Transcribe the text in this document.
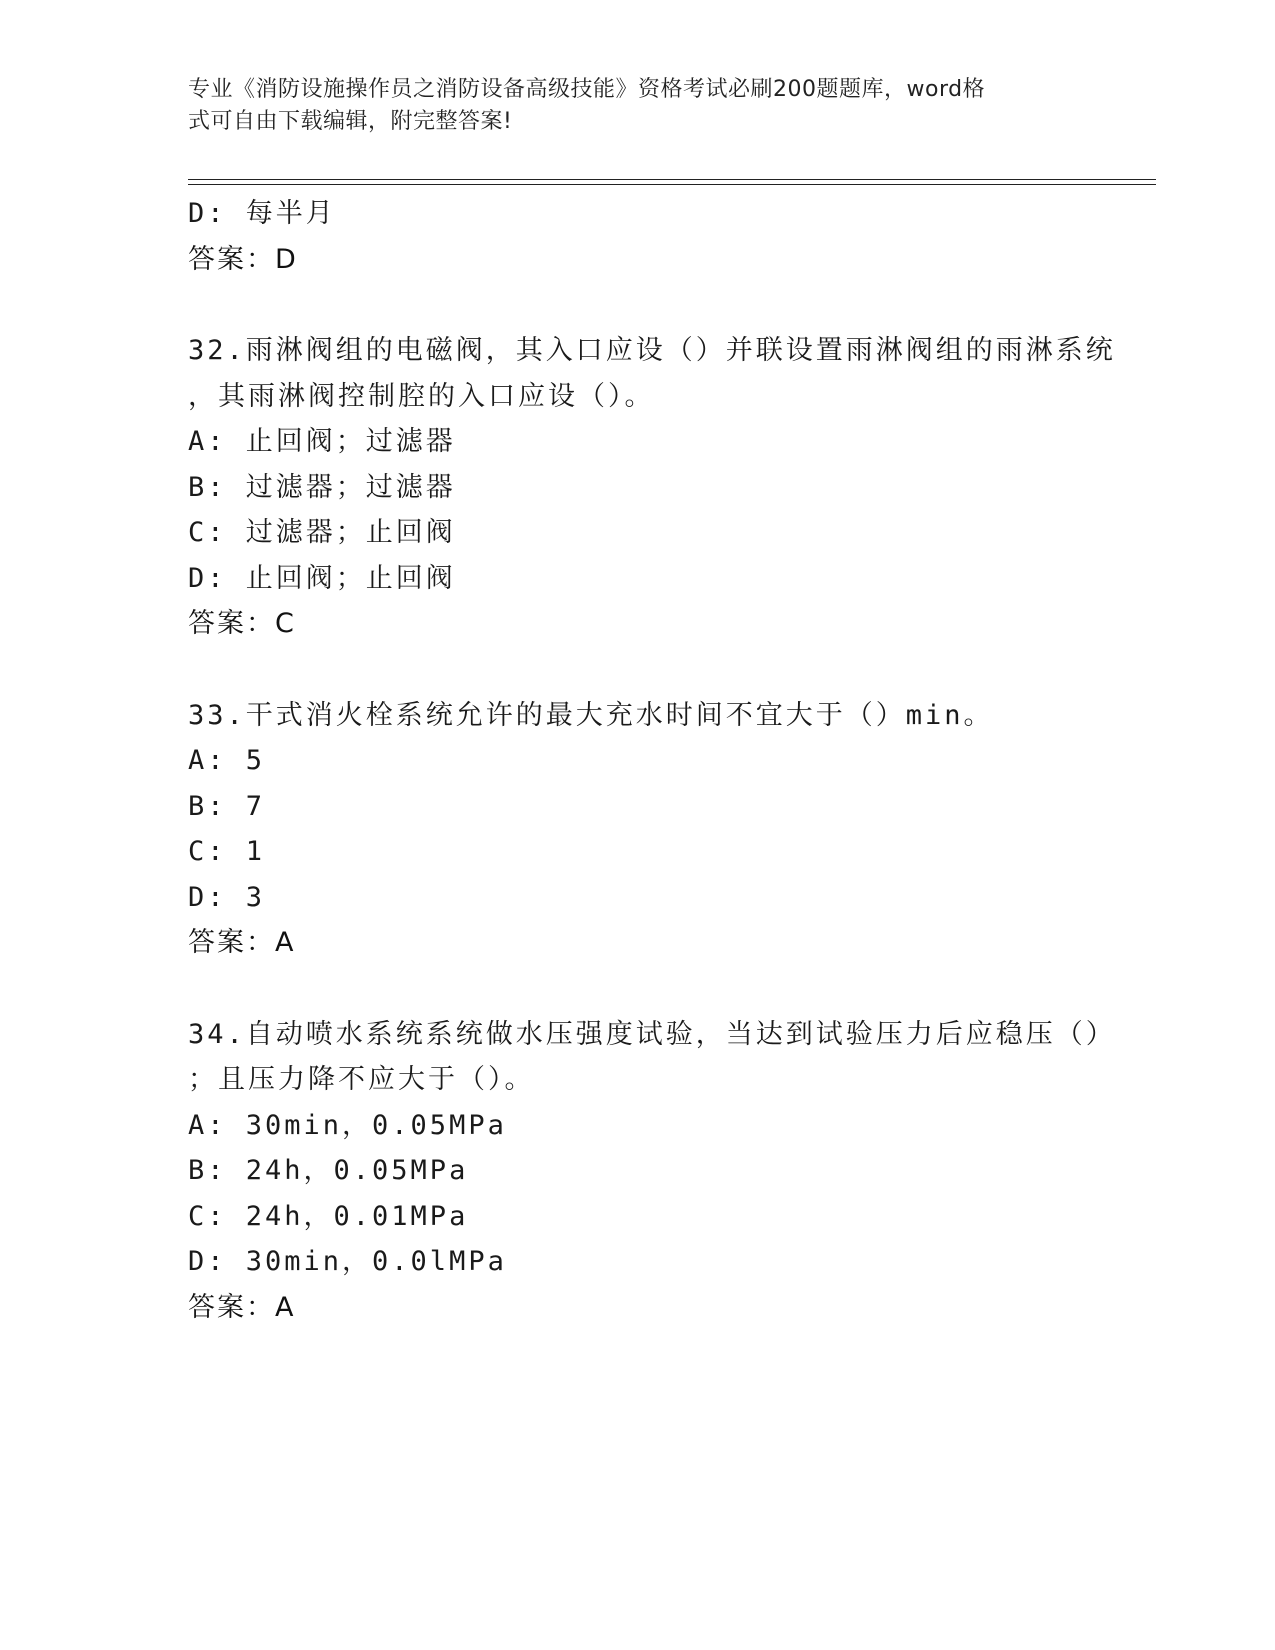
专业《消防设施操作员之消防设备高级技能》资格考试必刷200题题库，word格
式可自由下载编辑，附完整答案!
D: 每半月
答案：D
32.雨淋阀组的电磁阀，其入口应设（）并联设置雨淋阀组的雨淋系统
，其雨淋阀控制腔的入口应设（）。
A: 止回阀；过滤器
B: 过滤器；过滤器
C: 过滤器；止回阀
D: 止回阀；止回阀
答案：C
33.干式消火栓系统允许的最大充水时间不宜大于（）min。
A: 5
B: 7
C: 1
D: 3
答案：A
34.自动喷水系统系统做水压强度试验，当达到试验压力后应稳压（）
；且压力降不应大于（）。
A: 30min，0.05MPa
B: 24h，0.05MPa
C: 24h，0.01MPa
D: 30min，0.0lMPa
答案：A
